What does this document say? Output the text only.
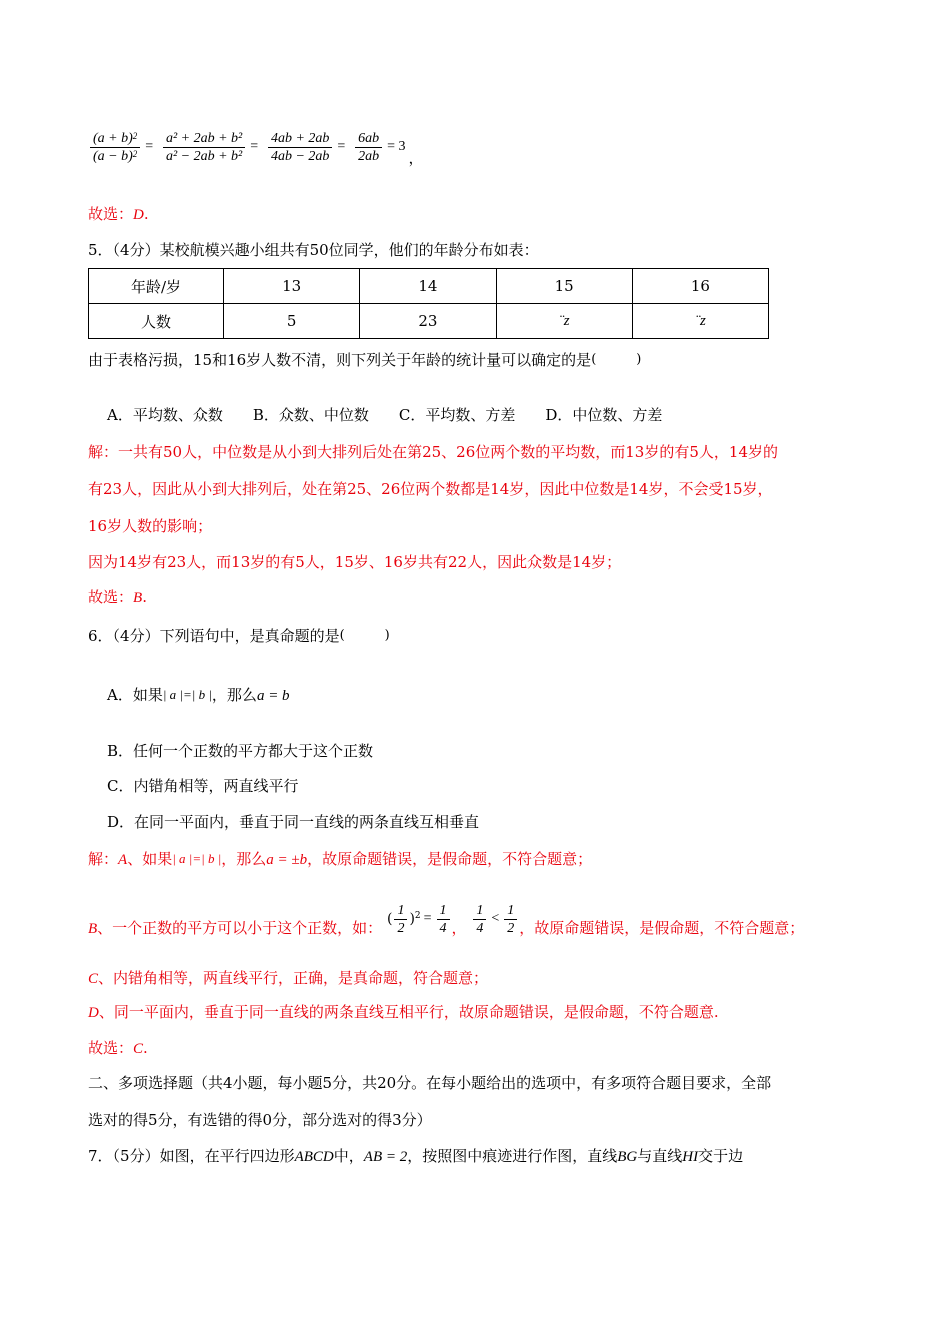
$\frac{(a + b)^2}{(a - b)^2} = \frac{\text{a² + 2ab + b²}}{\text{a² − 2ab + b²}} = \frac{4ab + 2ab}{4ab - 2ab} = \frac{6ab}{2ab} = 3$，
故选：D.
5．（4分）某校航模兴趣小组共有50位同学，他们的年龄分布如表：
年龄/岁	13	14	15	16
人数	5	23	¨z	¨z
由于表格污损，15和16岁人数不清，则下列关于年龄的统计量可以确定的是(	)
A．平均数、众数　　B．众数、中位数　　C．平均数、方差　　D．中位数、方差
解：一共有50人，中位数是从小到大排列后处在第25、26位两个数的平均数，而13岁的有5人，14岁的
有23人，因此从小到大排列后，处在第25、26位两个数都是14岁，因此中位数是14岁，不会受15岁，
16岁人数的影响；
因为14岁有23人，而13岁的有5人，15岁、16岁共有22人，因此众数是14岁；
故选：B.
6．（4分）下列语句中，是真命题的是(	)
A．如果| a |=| b |，那么a = b
B．任何一个正数的平方都大于这个正数
C．内错角相等，两直线平行
D．在同一平面内，垂直于同一直线的两条直线互相垂直
解：A、如果| a |=| b |，那么a = ±b，故原命题错误，是假命题，不符合题意；
B、一个正数的平方可以小于这个正数，如： ( $\frac{1}{2} )^2 = \frac{1}{4}$ ， $\frac{1}{4} < \frac{1}{2}$ ，故原命题错误，是假命题，不符合题意；
C、内错角相等，两直线平行，正确，是真命题，符合题意；
D、同一平面内，垂直于同一直线的两条直线互相平行，故原命题错误，是假命题，不符合题意.
故选：C.
二、多项选择题（共4小题，每小题5分，共20分。在每小题给出的选项中，有多项符合题目要求，全部
选对的得5分，有选错的得0分，部分选对的得3分）
7．（5分）如图，在平行四边形ABCD中，AB = 2，按照图中痕迹进行作图，直线BG与直线HI交于边
